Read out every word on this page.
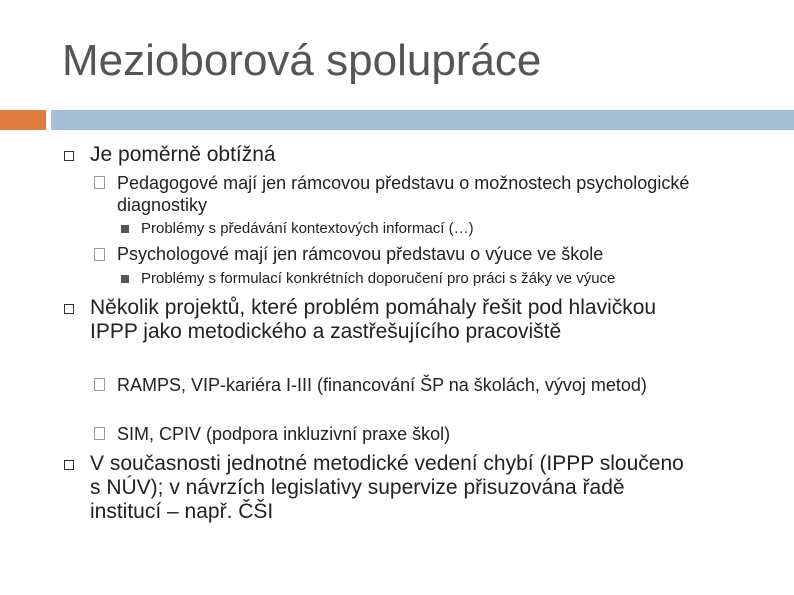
Mezioborová spolupráce
Je poměrně obtížná
Pedagogové mají jen rámcovou představu o možnostech psychologické diagnostiky
Problémy s předávání kontextových informací (…)
Psychologové mají jen rámcovou představu o výuce ve škole
Problémy s formulací konkrétních doporučení pro práci s žáky ve výuce
Několik projektů, které problém pomáhaly řešit pod hlavičkou IPPP jako metodického a zastřešujícího pracoviště
RAMPS, VIP-kariéra I-III (financování ŠP na školách, vývoj metod)
SIM, CPIV (podpora inkluzivní praxe škol)
V současnosti jednotné metodické vedení chybí (IPPP sloučeno s NÚV); v návrzích legislativy supervize přisuzována řadě institucí – např. ČŠI
